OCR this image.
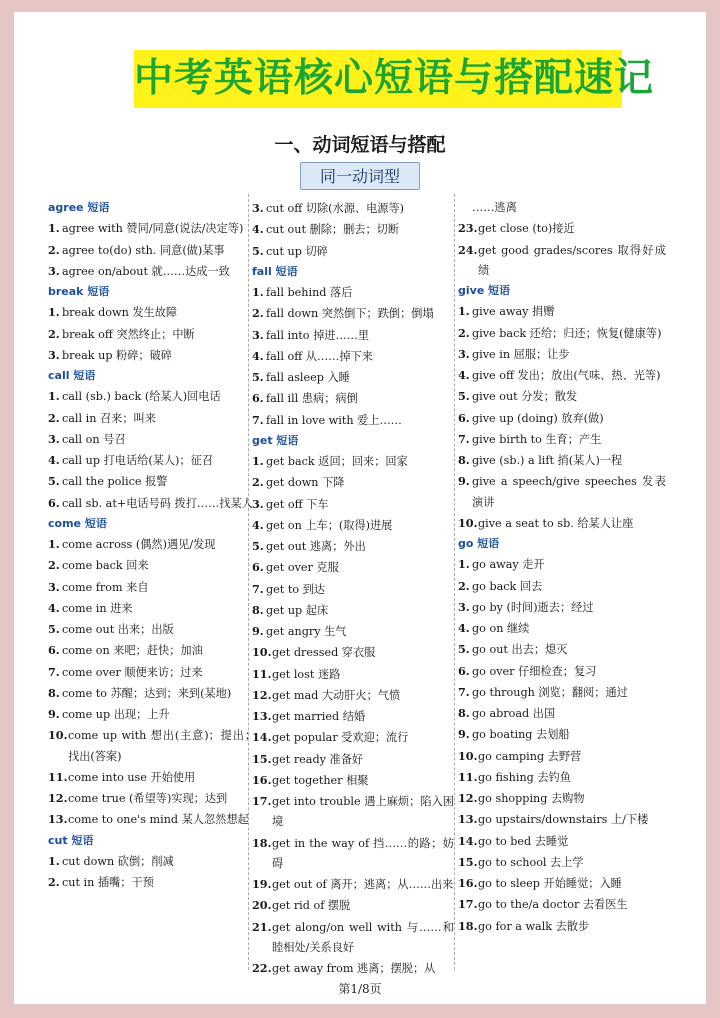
中考英语核心短语与搭配速记
一、动词短语与搭配
同一动词型

agree 短语

1. agree with 赞同/同意(说法/决定等)

2. agree to(do) sth. 同意(做)某事

3. agree on/about 就……达成一致

break 短语

1. break down 发生故障

2. break off 突然终止；中断

3. break up 粉碎；破碎

call 短语

1. call (sb.) back (给某人)回电话

2. call in 召来；叫来

3. call on 号召

4. call up 打电话给(某人)；征召

5. call the police 报警

6. call sb. at+电话号码 拨打……找某人

come 短语

1. come across (偶然)遇见/发现

2. come back 回来

3. come from 来自

4. come in 进来

5. come out 出来；出版

6. come on 来吧；赶快；加油

7. come over 顺便来访；过来

8. come to 苏醒；达到；来到(某地)

9. come up 出现；上升

10.come up with 想出(主意)；提出；找出(答案)

11.come into use 开始使用

12.come true (希望等)实现；达到

13.come to one's mind 某人忽然想起

cut 短语

1. cut down 砍倒；削减

2. cut in 插嘴；干预

3. cut off 切除(水源、电源等)

4. cut out 删除；删去；切断

5. cut up 切碎

fall 短语

1. fall behind 落后

2. fall down 突然倒下；跌倒；倒塌

3. fall into 掉进……里

4. fall off 从……掉下来

5. fall asleep 入睡

6. fall ill 患病；病倒

7. fall in love with 爱上……

get 短语

1. get back 返回；回来；回家

2. get down 下降

3. get off 下车

4. get on 上车；(取得)进展

5. get out 逃离；外出

6. get over 克服

7. get to 到达

8. get up 起床

9. get angry 生气

10.get dressed 穿衣服

11.get lost 迷路

12.get mad 大动肝火；气愤

13.get married 结婚

14.get popular 受欢迎；流行

15.get ready 准备好

16.get together 相聚

17.get into trouble 遇上麻烦；陷入困境

18.get in the way of 挡……的路；妨碍

19.get out of 离开；逃离；从……出来

20.get rid of 摆脱

21.get along/on well with 与……和睦相处/关系良好

22.get away from 逃离；摆脱；从

……逃离

23.get close (to)接近

24.get good grades/scores 取得好成绩

give 短语

1. give away 捐赠

2. give back 还给；归还；恢复(健康等)

3. give in 屈服；让步

4. give off 发出；放出(气味、热、光等)

5. give out 分发；散发

6. give up (doing) 放弃(做)

7. give birth to 生育；产生

8. give (sb.) a lift 捎(某人)一程

9. give a speech/give speeches 发表演讲

10.give a seat to sb. 给某人让座

go 短语

1. go away 走开

2. go back 回去

3. go by (时间)逝去；经过

4. go on 继续

5. go out 出去；熄灭

6. go over 仔细检查；复习

7. go through 浏览；翻阅；通过

8. go abroad 出国

9. go boating 去划船

10.go camping 去野营

11.go fishing 去钓鱼

12.go shopping 去购物

13.go upstairs/downstairs 上/下楼

14.go to bed 去睡觉

15.go to school 去上学

16.go to sleep 开始睡觉；入睡

17.go to the/a doctor 去看医生

18.go for a walk 去散步

第1/8页
